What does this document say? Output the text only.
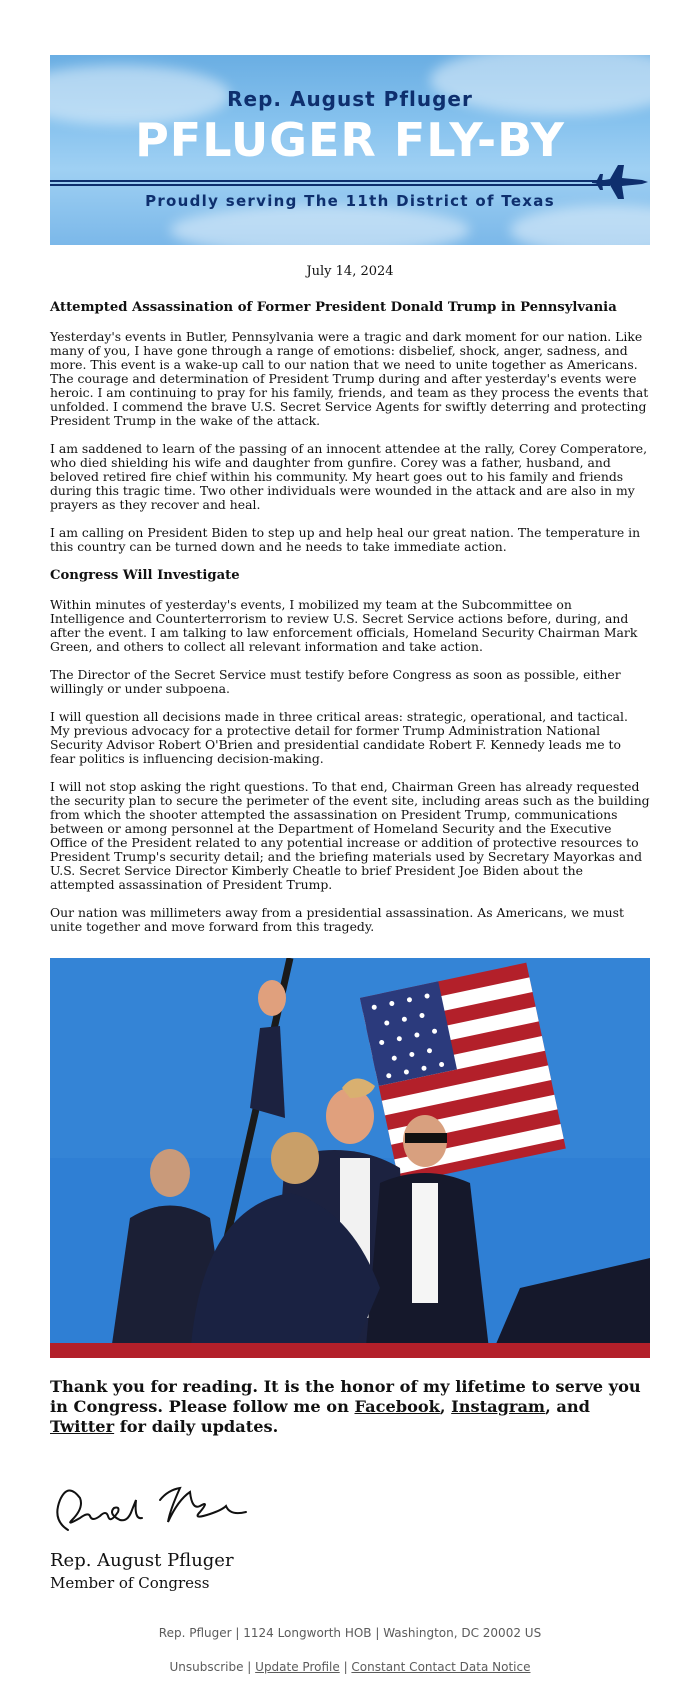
Rep. August Pfluger
PFLUGER FLY-BY
Proudly serving The 11th District of Texas
July 14, 2024
Attempted Assassination of Former President Donald Trump in Pennsylvania

Yesterday's events in Butler, Pennsylvania were a tragic and dark moment for our nation. Like many of you, I have gone through a range of emotions: disbelief, shock, anger, sadness, and more. This event is a wake-up call to our nation that we need to unite together as Americans. The courage and determination of President Trump during and after yesterday's events were heroic. I am continuing to pray for his family, friends, and team as they process the events that unfolded. I commend the brave U.S. Secret Service Agents for swiftly deterring and protecting President Trump in the wake of the attack.

I am saddened to learn of the passing of an innocent attendee at the rally, Corey Comperatore, who died shielding his wife and daughter from gunfire. Corey was a father, husband, and beloved retired fire chief within his community. My heart goes out to his family and friends during this tragic time. Two other individuals were wounded in the attack and are also in my prayers as they recover and heal.

I am calling on President Biden to step up and help heal our great nation. The temperature in this country can be turned down and he needs to take immediate action.

Congress Will Investigate

Within minutes of yesterday's events, I mobilized my team at the Subcommittee on Intelligence and Counterterrorism to review U.S. Secret Service actions before, during, and after the event. I am talking to law enforcement officials, Homeland Security Chairman Mark Green, and others to collect all relevant information and take action.

The Director of the Secret Service must testify before Congress as soon as possible, either willingly or under subpoena.

I will question all decisions made in three critical areas: strategic, operational, and tactical. My previous advocacy for a protective detail for former Trump Administration National Security Advisor Robert O'Brien and presidential candidate Robert F. Kennedy leads me to fear politics is influencing decision-making.

I will not stop asking the right questions. To that end, Chairman Green has already requested the security plan to secure the perimeter of the event site, including areas such as the building from which the shooter attempted the assassination on President Trump, communications between or among personnel at the Department of Homeland Security and the Executive Office of the President related to any potential increase or addition of protective resources to President Trump's security detail; and the briefing materials used by Secretary Mayorkas and U.S. Secret Service Director Kimberly Cheatle to brief President Joe Biden about the attempted assassination of President Trump.

Our nation was millimeters away from a presidential assassination. As Americans, we must unite together and move forward from this tragedy.

Thank you for reading. It is the honor of my lifetime to serve you in Congress. Please follow me on Facebook, Instagram, and Twitter for daily updates.
Rep. August Pfluger
Member of Congress
Rep. Pfluger | 1124 Longworth HOB | Washington, DC 20002 US
Unsubscribe | Update Profile | Constant Contact Data Notice
